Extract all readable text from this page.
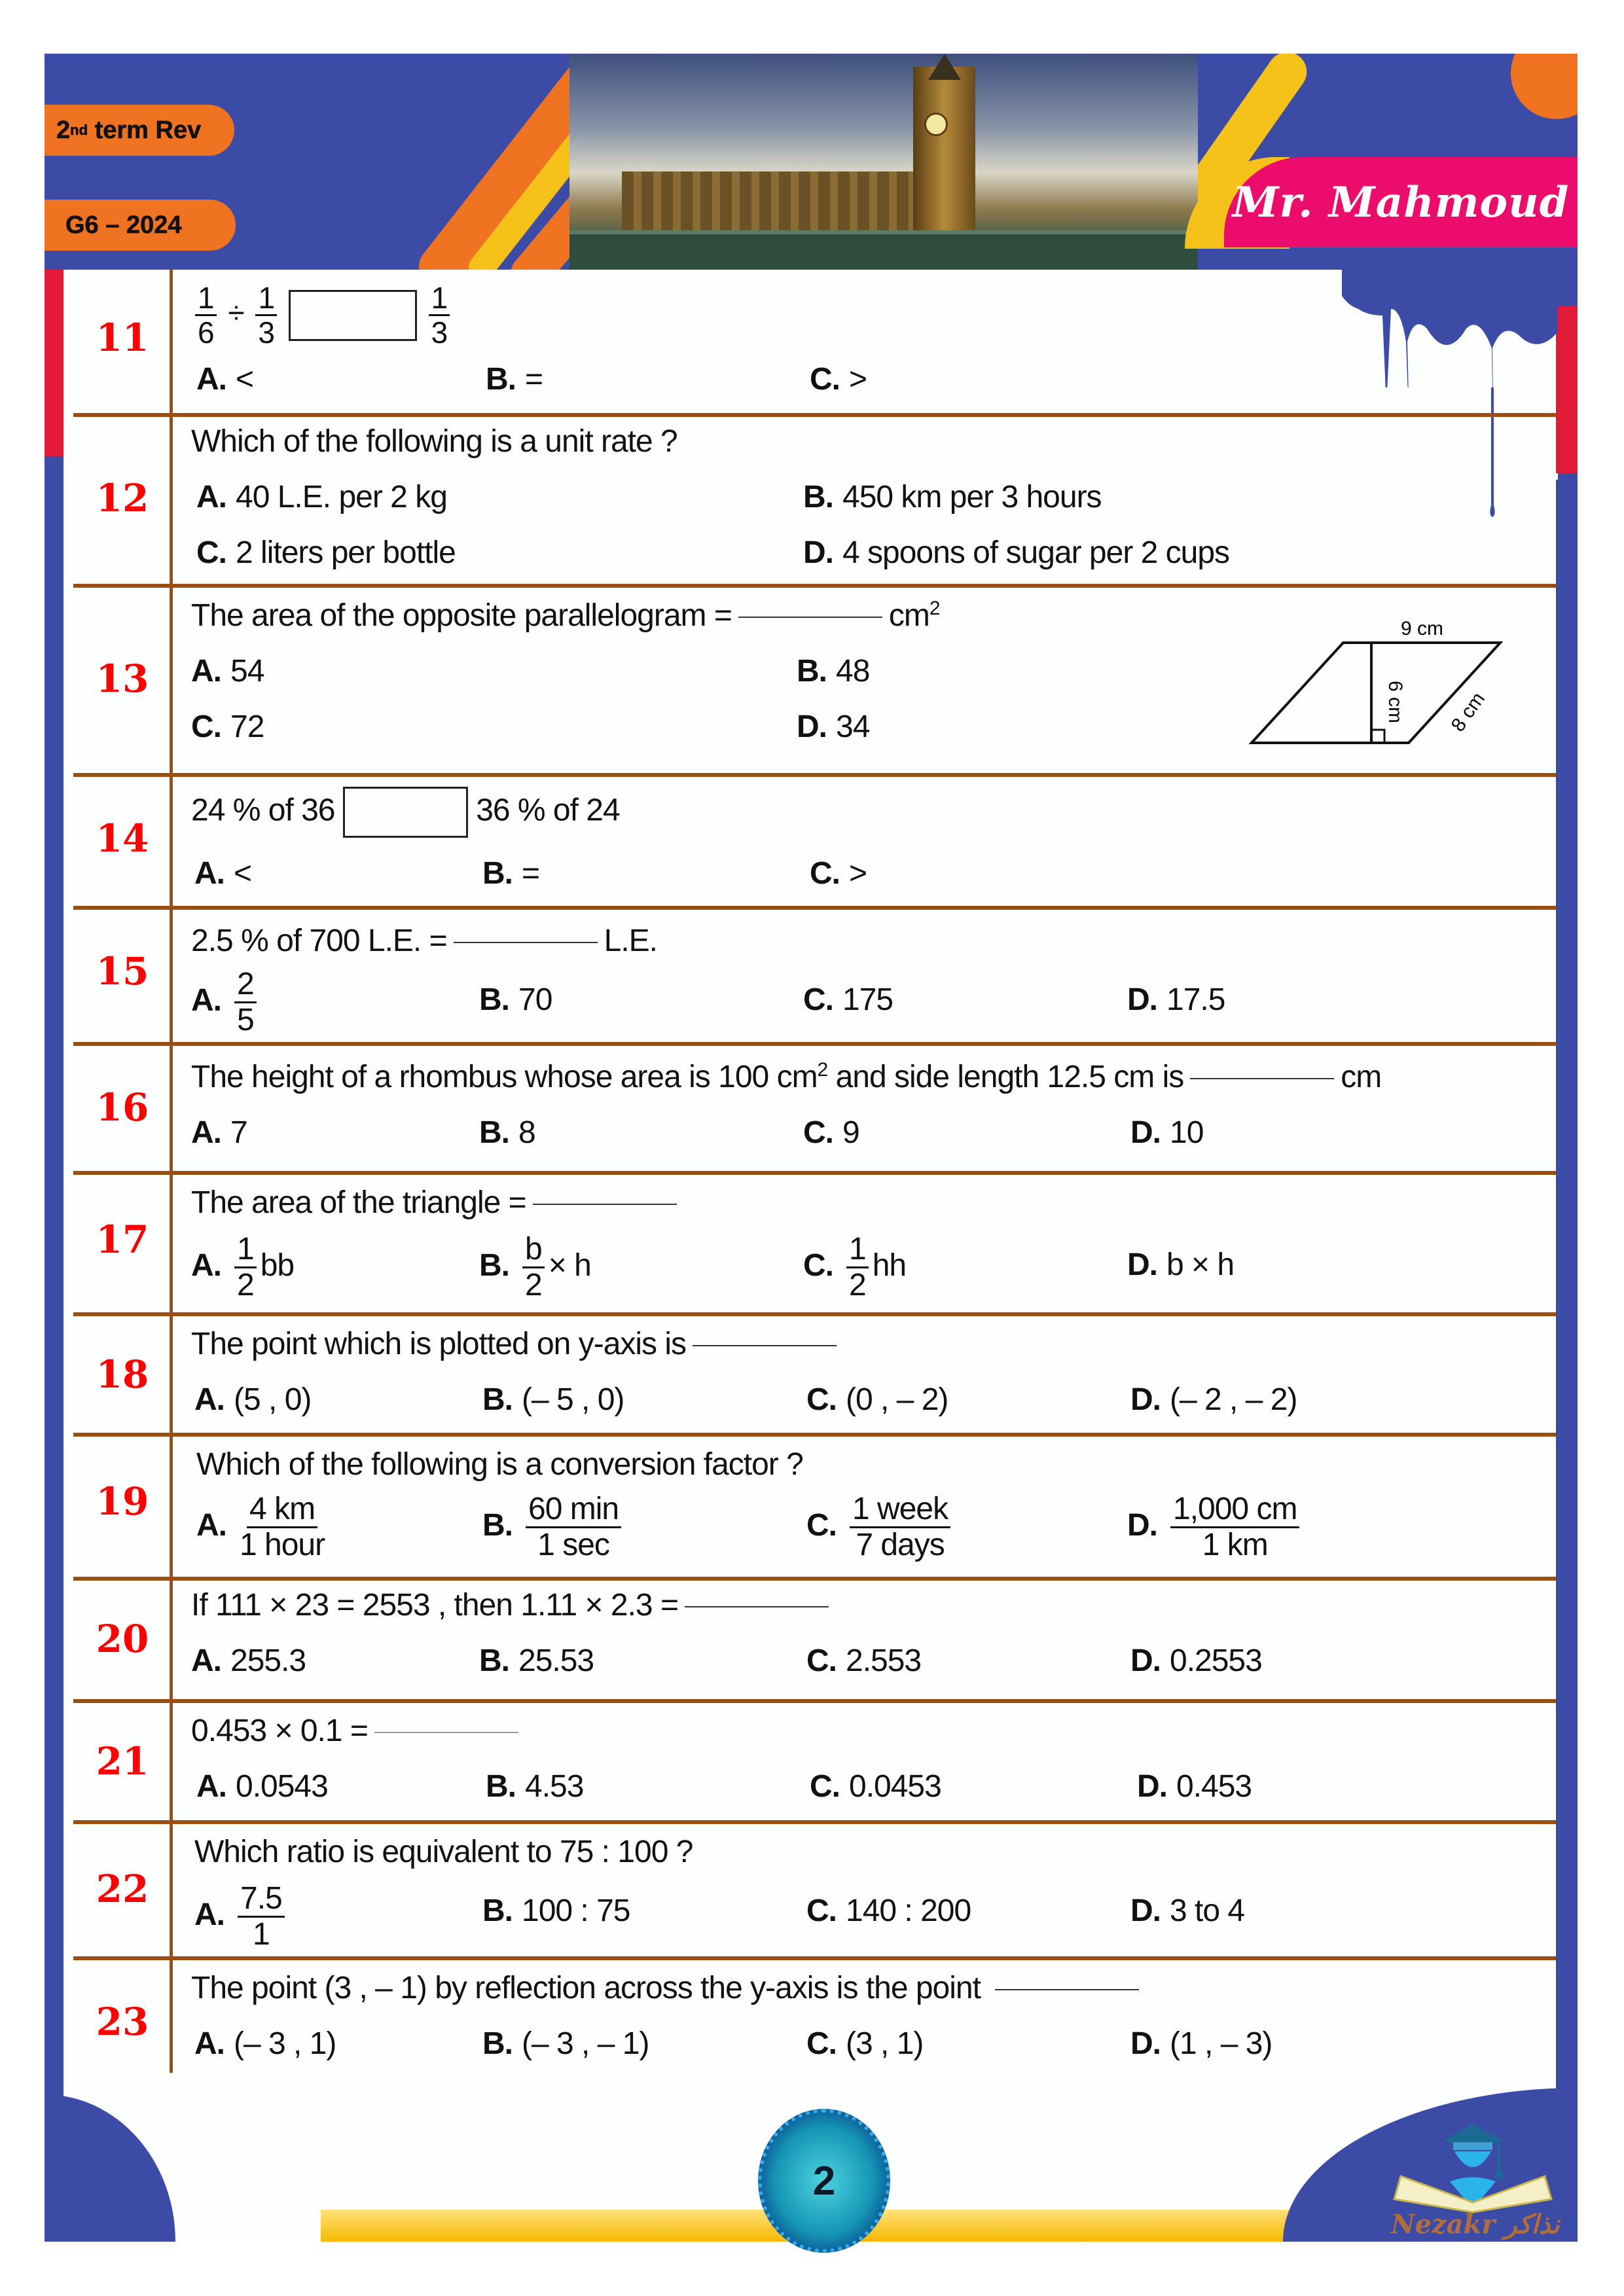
2 nd term Rev
G6 – 2024	Mr. Mahmoud
11	$\frac{1}{6} \div \frac{1}{3}$
	$\frac{1}{3}$
A. <	B. =	C. >
12
Which of the following is a unit rate ?
A. 40 L.E. per 2 kg	B. 450 km per 3 hours
C. 2 liters per bottle	D. 4 spoons of sugar per 2 cups
13
The area of the opposite parallelogram =	$cm^2$
A. 54	B. 48
C. 72	D. 34
9 cm
6 cm 8 cm
14
24 % of 36	36 % of 24
A. <	B. =	C. >
15
2.5 % of 700 L.E. =	L.E.
A. $\frac{2}{5}$	B. 70	C. 175	D. 17.5
16
The height of a rhombus whose area is 100 $cm^2$ and side length 12.5 cm is	cm
A. 7	B. 8	C. 9	D. 10
17
The area of the triangle =
A. $\frac{1}{2}$ bb	B. $\frac{b}{2} \times h$	C. $\frac{1}{2}$ hh	D. b × h
18
The point which is plotted on y-axis is
A. (5 , 0)	B. (– 5 , 0)	C. (0 , – 2)	D. (– 2 , – 2)
19
Which of the following is a conversion factor ?
A. $\frac{4 km}{\text{1 hour}}$	B. $\frac{60 \min}{1 \sec}$	C. $\frac{\text{1 week}}{\text{7 days}}$	D. $\frac{1,000 cm}{1 km}$
20
If 111 × 23 = 2553 , then 1.11 × 2.3 =
A. 255.3	B. 25.53	C. 2.553	D. 0.2553
21
0.453 × 0.1 =
A. 0.0543	B. 4.53	C. 0.0453	D. 0.453
22
Which ratio is equivalent to 75 : 100 ?
A. $\frac{7.5}{1}$	B. 100 : 75	C. 140 : 200	D. 3 to 4
23
The point (3 , – 1) by reflection across the y-axis is the point
A. (– 3 , 1)	B. (– 3 , – 1)	C. (3 , 1)	D. (1 , – 3)
2
Nezakr نذاكر
